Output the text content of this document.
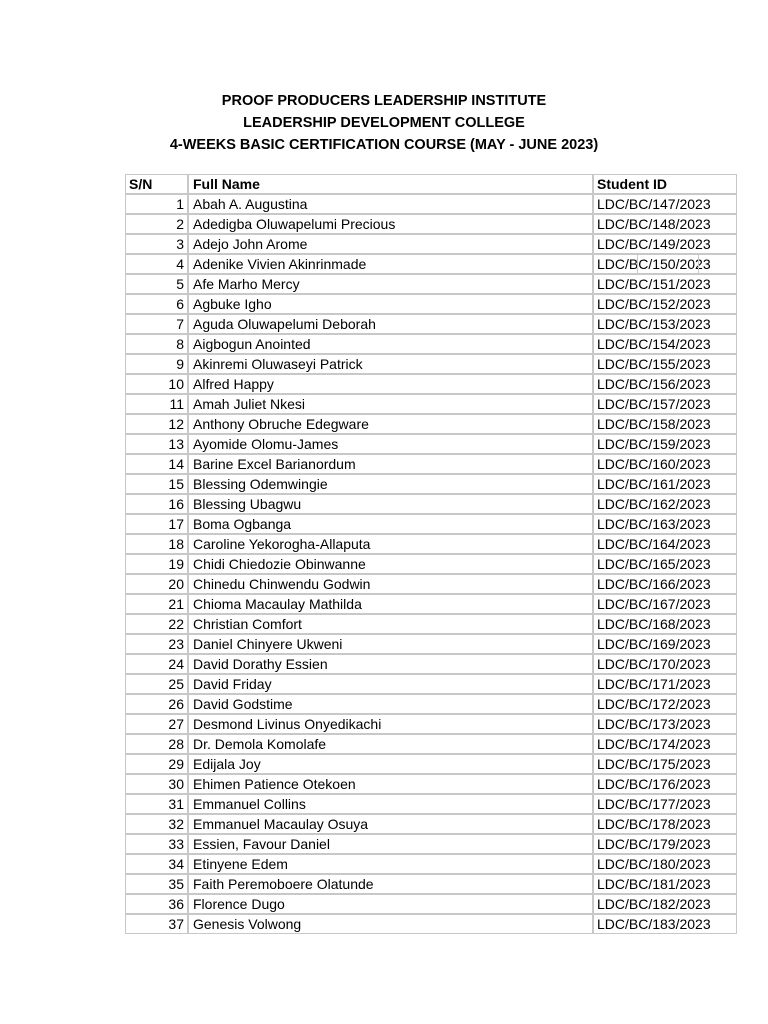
PROOF PRODUCERS LEADERSHIP INSTITUTE
LEADERSHIP DEVELOPMENT COLLEGE
4-WEEKS BASIC CERTIFICATION COURSE (MAY - JUNE 2023)
S/N	Full Name	Student ID
1 Abah A. Augustina	LDC/BC/147/2023
2 Adedigba Oluwapelumi Precious	LDC/BC/148/2023
3 Adejo John Arome	LDC/BC/149/2023
4 Adenike Vivien Akinrinmade	LDC/BC/150/2023
5 Afe Marho Mercy	LDC/BC/151/2023
6 Agbuke Igho	LDC/BC/152/2023
7 Aguda Oluwapelumi Deborah	LDC/BC/153/2023
8 Aigbogun Anointed	LDC/BC/154/2023
9 Akinremi Oluwaseyi Patrick	LDC/BC/155/2023
10 Alfred Happy	LDC/BC/156/2023
11 Amah Juliet Nkesi	LDC/BC/157/2023
12 Anthony Obruche Edegware	LDC/BC/158/2023
13 Ayomide Olomu-James	LDC/BC/159/2023
14 Barine Excel Barianordum	LDC/BC/160/2023
15 Blessing Odemwingie	LDC/BC/161/2023
16 Blessing Ubagwu	LDC/BC/162/2023
17 Boma Ogbanga	LDC/BC/163/2023
18 Caroline Yekorogha-Allaputa	LDC/BC/164/2023
19 Chidi Chiedozie Obinwanne	LDC/BC/165/2023
20 Chinedu Chinwendu Godwin	LDC/BC/166/2023
21 Chioma Macaulay Mathilda	LDC/BC/167/2023
22 Christian Comfort	LDC/BC/168/2023
23 Daniel Chinyere Ukweni	LDC/BC/169/2023
24 David Dorathy Essien	LDC/BC/170/2023
25 David Friday	LDC/BC/171/2023
26 David Godstime	LDC/BC/172/2023
27 Desmond Livinus Onyedikachi	LDC/BC/173/2023
28 Dr. Demola Komolafe	LDC/BC/174/2023
29 Edijala Joy	LDC/BC/175/2023
30 Ehimen Patience Otekoen	LDC/BC/176/2023
31 Emmanuel Collins	LDC/BC/177/2023
32 Emmanuel Macaulay Osuya	LDC/BC/178/2023
33 Essien, Favour Daniel	LDC/BC/179/2023
34 Etinyene Edem	LDC/BC/180/2023
35 Faith Peremoboere Olatunde	LDC/BC/181/2023
36 Florence Dugo	LDC/BC/182/2023
37 Genesis Volwong	LDC/BC/183/2023
